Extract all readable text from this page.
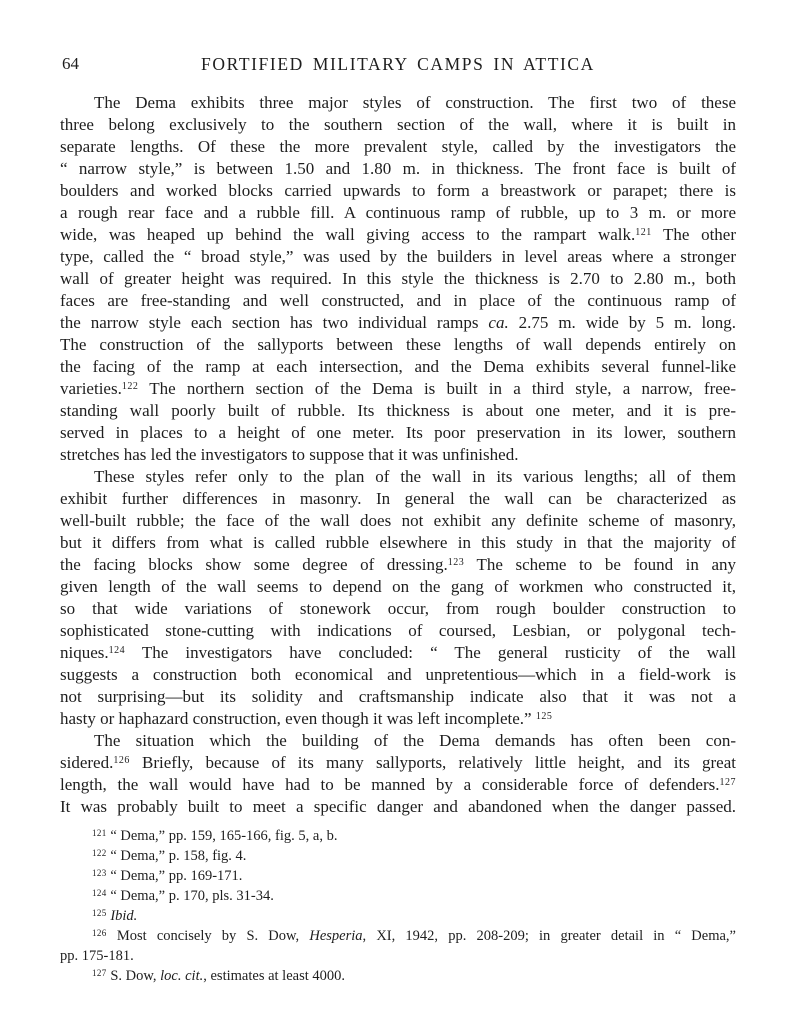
64	FORTIFIED MILITARY CAMPS IN ATTICA
The Dema exhibits three major styles of construction. The first two of these
three belong exclusively to the southern section of the wall, where it is built in
separate lengths. Of these the more prevalent style, called by the investigators the
“ narrow style,” is between 1.50 and 1.80 m. in thickness. The front face is built of
boulders and worked blocks carried upwards to form a breastwork or parapet; there is
a rough rear face and a rubble fill. A continuous ramp of rubble, up to 3 m. or more
wide, was heaped up behind the wall giving access to the rampart walk.$^{121}$ The other
type, called the “ broad style,” was used by the builders in level areas where a stronger
wall of greater height was required. In this style the thickness is 2.70 to 2.80 m., both
faces are free-standing and well constructed, and in place of the continuous ramp of
the narrow style each section has two individual ramps ca. 2.75 m. wide by 5 m. long.
The construction of the sallyports between these lengths of wall depends entirely on
the facing of the ramp at each intersection, and the Dema exhibits several funnel-like
varieties.$^{122}$ The northern section of the Dema is built in a third style, a narrow, free-
standing wall poorly built of rubble. Its thickness is about one meter, and it is pre-
served in places to a height of one meter. Its poor preservation in its lower, southern
stretches has led the investigators to suppose that it was unfinished.
These styles refer only to the plan of the wall in its various lengths; all of them
exhibit further differences in masonry. In general the wall can be characterized as
well-built rubble; the face of the wall does not exhibit any definite scheme of masonry,
but it differs from what is called rubble elsewhere in this study in that the majority of
the facing blocks show some degree of dressing.$^{123}$ The scheme to be found in any
given length of the wall seems to depend on the gang of workmen who constructed it,
so that wide variations of stonework occur, from rough boulder construction to
sophisticated stone-cutting with indications of coursed, Lesbian, or polygonal tech-
niques.$^{124}$ The investigators have concluded: “ The general rusticity of the wall
suggests a construction both economical and unpretentious—which in a field-work is
not surprising—but its solidity and craftsmanship indicate also that it was not a
hasty or haphazard construction, even though it was left incomplete.” $^{125}$
The situation which the building of the Dema demands has often been con-
sidered.$^{126}$ Briefly, because of its many sallyports, relatively little height, and its great
length, the wall would have had to be manned by a considerable force of defenders.$^{127}$
It was probably built to meet a specific danger and abandoned when the danger passed.
$^{121}$ “ Dema,” pp. 159, 165-166, fig. 5, a, b.
$^{122}$ “ Dema,” p. 158, fig. 4.
$^{123}$ “ Dema,” pp. 169-171.
$^{124}$ “ Dema,” p. 170, pls. 31-34.
$^{125}$ Ibid.
$^{126}$ Most concisely by S. Dow, Hesperia, XI, 1942, pp. 208-209; in greater detail in “ Dema,”
pp. 175-181.
$^{127}$ S. Dow, loc. cit., estimates at least 4000.
